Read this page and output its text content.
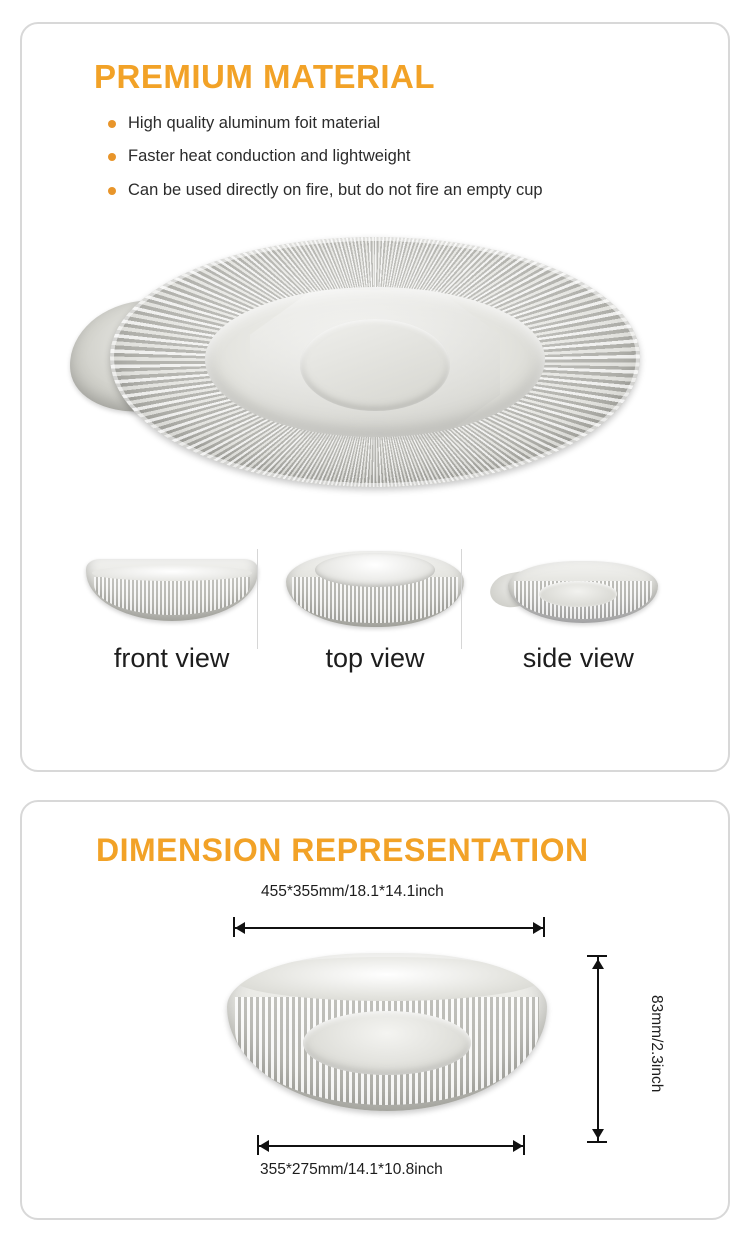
PREMIUM MATERIAL
High quality aluminum foit material
Faster heat conduction and lightweight
Can be used directly on fire, but do not fire an empty cup
front view	top view	side view
DIMENSION REPRESENTATION
455*355mm/18.1*14.1inch
83mm/2.3inch
355*275mm/14.1*10.8inch
